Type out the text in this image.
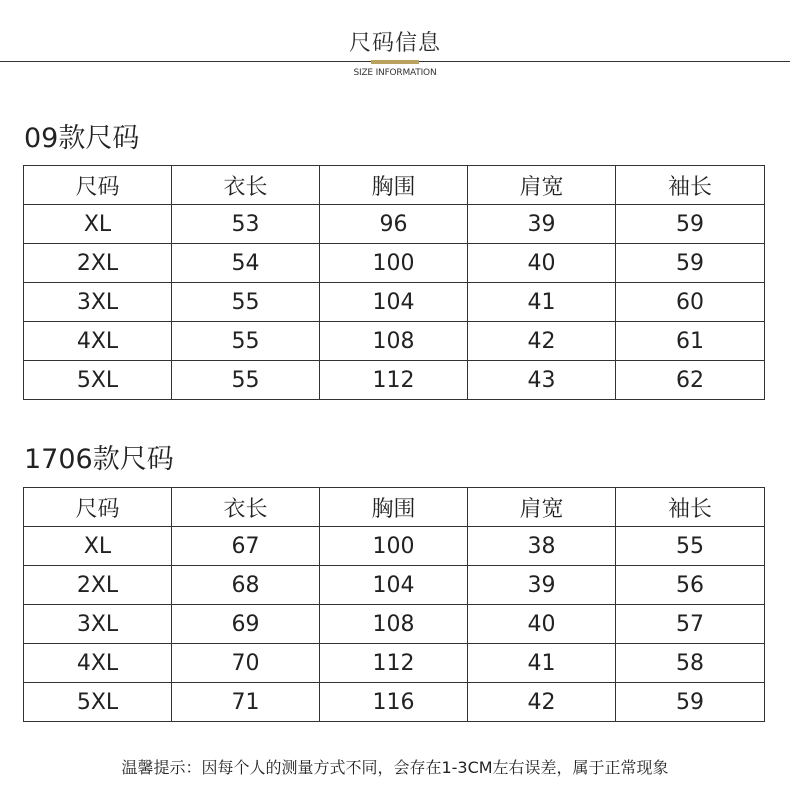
尺码信息
SIZE INFORMATION
09款尺码
尺码	衣长	胸围	肩宽	袖长
XL	53	96	39	59
2XL	54	100	40	59
3XL	55	104	41	60
4XL	55	108	42	61
5XL	55	112	43	62
1706款尺码
尺码	衣长	胸围	肩宽	袖长
XL	67	100	38	55
2XL	68	104	39	56
3XL	69	108	40	57
4XL	70	112	41	58
5XL	71	116	42	59
温馨提示：因每个人的测量方式不同，会存在1-3CM左右误差，属于正常现象
